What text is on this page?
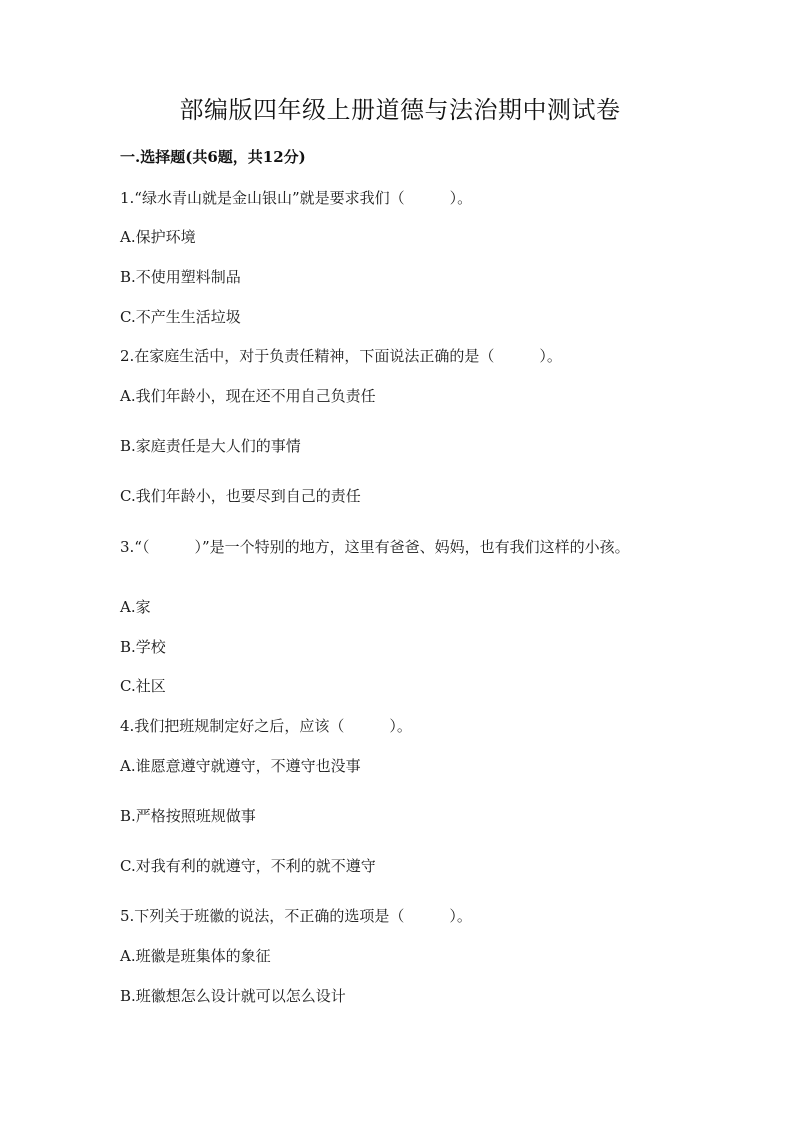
部编版四年级上册道德与法治期中测试卷
一.选择题(共6题，共12分)
1.“绿水青山就是金山银山”就是要求我们（　　　）。
A.保护环境
B.不使用塑料制品
C.不产生生活垃圾
2.在家庭生活中，对于负责任精神，下面说法正确的是（　　　）。
A.我们年龄小，现在还不用自己负责任
B.家庭责任是大人们的事情
C.我们年龄小，也要尽到自己的责任
3.“（　　　）”是一个特别的地方，这里有爸爸、妈妈，也有我们这样的小孩。
A.家
B.学校
C.社区
4.我们把班规制定好之后，应该（　　　）。
A.谁愿意遵守就遵守，不遵守也没事
B.严格按照班规做事
C.对我有利的就遵守，不利的就不遵守
5.下列关于班徽的说法，不正确的选项是（　　　）。
A.班徽是班集体的象征
B.班徽想怎么设计就可以怎么设计
